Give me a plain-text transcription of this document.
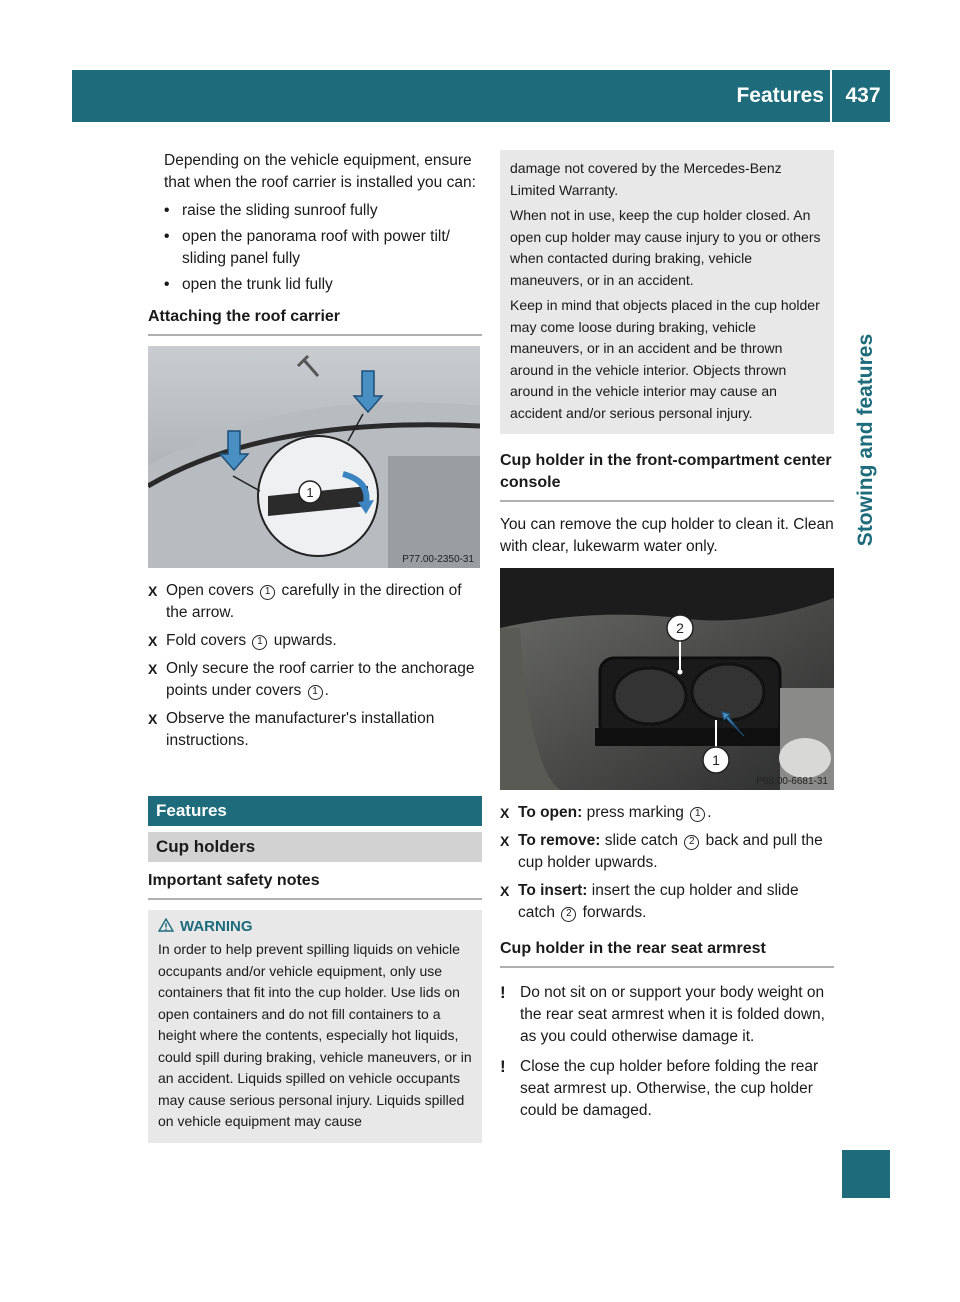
Features	437
Stowing and features

Depending on the vehicle equipment, ensure that when the roof carrier is installed you can:

• raise the sliding sunroof fully
• open the panorama roof with power tilt/ sliding panel fully
• open the trunk lid fully
Attaching the roof carrier
1
P77.00-2350-31
X Open covers 1 carefully in the direction of the arrow.
X Fold covers 1 upwards.
X Only secure the roof carrier to the anchorage points under covers 1 .
X Observe the manufacturer's installation instructions.
Features
Cup holders
Important safety notes
WARNING

In order to help prevent spilling liquids on vehicle occupants and/or vehicle equipment, only use containers that fit into the cup holder. Use lids on open containers and do not fill containers to a height where the contents, especially hot liquids, could spill during braking, vehicle maneuvers, or in an accident. Liquids spilled on vehicle occupants may cause serious personal injury. Liquids spilled on vehicle equipment may cause

damage not covered by the Mercedes-Benz Limited Warranty.

When not in use, keep the cup holder closed. An open cup holder may cause injury to you or others when contacted during braking, vehicle maneuvers, or in an accident.

Keep in mind that objects placed in the cup holder may come loose during braking, vehicle maneuvers, or in an accident and be thrown around in the vehicle interior. Objects thrown around in the vehicle interior may cause an accident and/or serious personal injury.

Cup holder in the front-compartment center console

You can remove the cup holder to clean it. Clean with clear, lukewarm water only.

2
1
P68.00-6681-31
X To open: press marking 1 .
X To remove: slide catch 2 back and pull the cup holder upwards.
X To insert: insert the cup holder and slide catch 2 forwards.
Cup holder in the rear seat armrest

! Do not sit on or support your body weight on the rear seat armrest when it is folded down, as you could otherwise damage it.

! Close the cup holder before folding the rear seat armrest up. Otherwise, the cup holder could be damaged.
